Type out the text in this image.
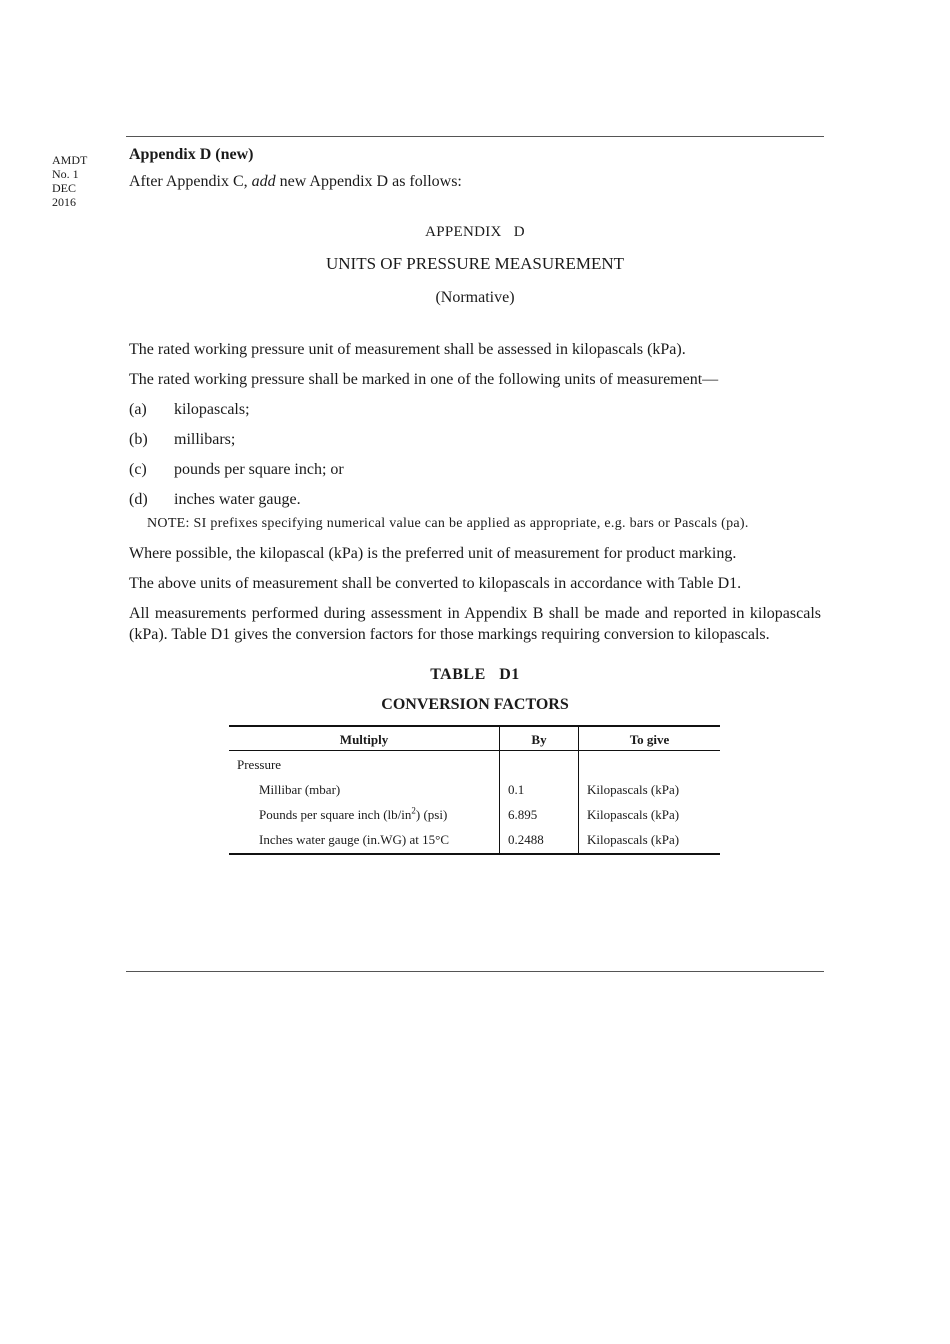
AMDT
No. 1
DEC
2016
Appendix D (new)
After Appendix C, add new Appendix D as follows:
APPENDIX   D
UNITS OF PRESSURE MEASUREMENT
(Normative)

The rated working pressure unit of measurement shall be assessed in kilopascals (kPa).

The rated working pressure shall be marked in one of the following units of measurement—

(a)	kilopascals;
(b)	millibars;
(c)	pounds per square inch; or
(d)	inches water gauge.
NOTE: SI prefixes specifying numerical value can be applied as appropriate, e.g. bars or Pascals (pa).

Where possible, the kilopascal (kPa) is the preferred unit of measurement for product marking.

The above units of measurement shall be converted to kilopascals in accordance with Table D1.

All measurements performed during assessment in Appendix B shall be made and reported in kilopascals (kPa). Table D1 gives the conversion factors for those markings requiring conversion to kilopascals.

TABLE   D1
CONVERSION FACTORS
Multiply	By	To give
Pressure		
Millibar (mbar)	0.1	Kilopascals (kPa)
Pounds per square inch $(lb/in^2)$ (psi)	6.895	Kilopascals (kPa)
Inches water gauge (in.WG) at 15°C	0.2488	Kilopascals (kPa)
